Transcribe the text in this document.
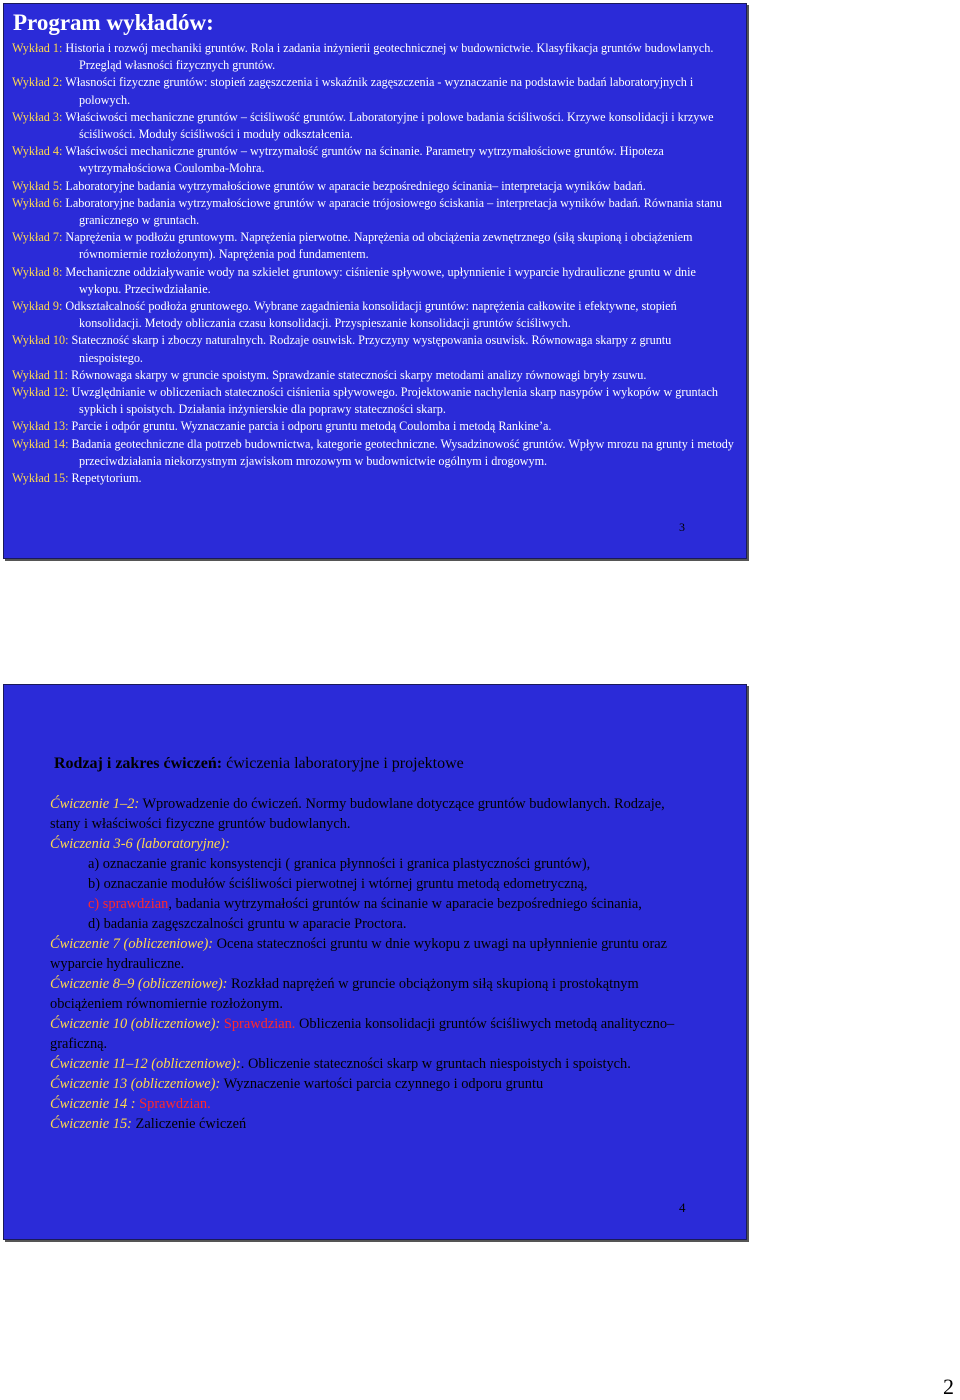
Program wykładów:
Wykład 1: Historia i rozwój mechaniki gruntów. Rola i zadania inżynierii geotechnicznej w budownictwie. Klasyfikacja gruntów budowlanych. Przegląd własności fizycznych gruntów.
Wykład 2: Własności fizyczne gruntów: stopień zagęszczenia i wskaźnik zagęszczenia - wyznaczanie na podstawie badań laboratoryjnych i polowych.
Wykład 3: Właściwości mechaniczne gruntów – ściśliwość gruntów. Laboratoryjne i polowe badania ściśliwości. Krzywe konsolidacji i krzywe ściśliwości. Moduły ściśliwości i moduły odkształcenia.
Wykład 4: Właściwości mechaniczne gruntów – wytrzymałość gruntów na ścinanie. Parametry wytrzymałościowe gruntów. Hipoteza wytrzymałościowa Coulomba-Mohra.
Wykład 5: Laboratoryjne badania wytrzymałościowe gruntów w aparacie bezpośredniego ścinania– interpretacja wyników badań.
Wykład 6: Laboratoryjne badania wytrzymałościowe gruntów w aparacie trójosiowego ściskania – interpretacja wyników badań. Równania stanu granicznego w gruntach.
Wykład 7: Naprężenia w podłożu gruntowym. Naprężenia pierwotne. Naprężenia od obciążenia zewnętrznego (siłą skupioną i obciążeniem równomiernie rozłożonym). Naprężenia pod fundamentem.
Wykład 8: Mechaniczne oddziaływanie wody na szkielet gruntowy: ciśnienie spływowe, upłynnienie i wyparcie hydrauliczne gruntu w dnie wykopu. Przeciwdziałanie.
Wykład 9: Odkształcalność podłoża gruntowego. Wybrane zagadnienia konsolidacji gruntów: naprężenia całkowite i efektywne, stopień konsolidacji. Metody obliczania czasu konsolidacji. Przyspieszanie konsolidacji gruntów ściśliwych.
Wykład 10: Stateczność skarp i zboczy naturalnych. Rodzaje osuwisk. Przyczyny występowania osuwisk. Równowaga skarpy z gruntu niespoistego.
Wykład 11: Równowaga skarpy w gruncie spoistym. Sprawdzanie stateczności skarpy metodami analizy równowagi bryły zsuwu.
Wykład 12: Uwzględnianie w obliczeniach stateczności ciśnienia spływowego. Projektowanie nachylenia skarp nasypów i wykopów w gruntach sypkich i spoistych. Działania inżynierskie dla poprawy stateczności skarp.
Wykład 13: Parcie i odpór gruntu. Wyznaczanie parcia i odporu gruntu metodą Coulomba i metodą Rankine’a.
Wykład 14: Badania geotechniczne dla potrzeb budownictwa, kategorie geotechniczne. Wysadzinowość gruntów. Wpływ mrozu na grunty i metody przeciwdziałania niekorzystnym zjawiskom mrozowym w budownictwie ogólnym i drogowym.
Wykład 15: Repetytorium.
3
Rodzaj i zakres ćwiczeń: ćwiczenia laboratoryjne i projektowe
Ćwiczenie 1–2: Wprowadzenie do ćwiczeń. Normy budowlane dotyczące gruntów budowlanych. Rodzaje, stany i właściwości fizyczne gruntów budowlanych.
Ćwiczenia 3-6 (laboratoryjne):
a) oznaczanie granic konsystencji ( granica płynności i granica plastyczności gruntów),
b) oznaczanie modułów ściśliwości pierwotnej i wtórnej gruntu metodą edometryczną,
c) sprawdzian, badania wytrzymałości gruntów na ścinanie w aparacie bezpośredniego ścinania,
d) badania zagęszczalności gruntu w aparacie Proctora.
Ćwiczenie 7 (obliczeniowe): Ocena stateczności gruntu w dnie wykopu z uwagi na upłynnienie gruntu oraz wyparcie hydrauliczne.
Ćwiczenie 8–9 (obliczeniowe): Rozkład naprężeń w gruncie obciążonym siłą skupioną i prostokątnym obciążeniem równomiernie rozłożonym.
Ćwiczenie 10 (obliczeniowe): Sprawdzian. Obliczenia konsolidacji gruntów ściśliwych metodą analityczno–graficzną.
Ćwiczenie 11–12 (obliczeniowe):. Obliczenie stateczności skarp w gruntach niespoistych i spoistych.
Ćwiczenie 13 (obliczeniowe): Wyznaczenie wartości parcia czynnego i odporu gruntu
Ćwiczenie 14 : Sprawdzian.
Ćwiczenie 15: Zaliczenie ćwiczeń
4
2
